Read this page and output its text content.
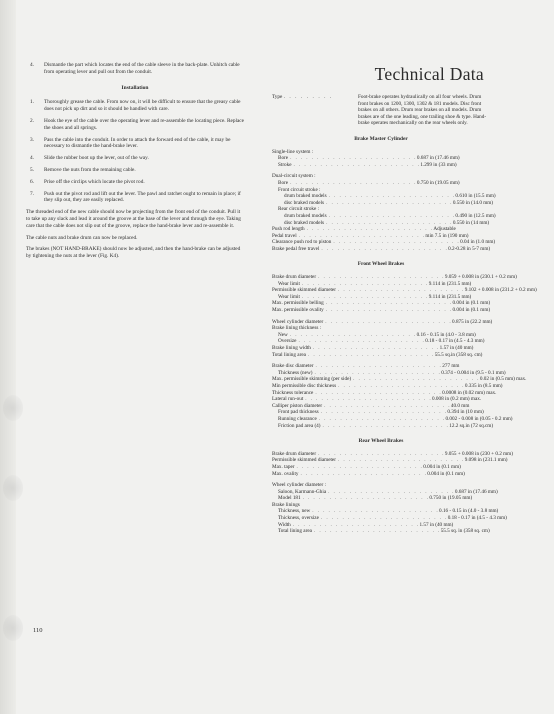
4.	Dismantle the part which locates the end of the cable sleeve in the back-plate. Unhitch cable from operating lever and pull out from the conduit.
Installation
1.	Thoroughly grease the cable. From now on, it will be difficult to ensure that the greasy cable does not pick up dirt and so it should be handled with care.
2.	Hook the eye of the cable over the operating lever and re-assemble the locating piece. Replace the shoes and all springs.
3.	Pass the cable into the conduit. In order to attach the forward end of the cable, it may be necessary to dismantle the hand-brake lever.
4.	Slide the rubber boot up the lever, out of the way.
5.	Remove the nuts from the remaining cable.
6.	Prise off the circlips which locate the pivot rod.
7.	Push out the pivot rod and lift out the lever. The pawl and ratchet ought to remain in place; if they slip out, they are easily replaced.
The threaded end of the new cable should now be projecting from the front end of the conduit. Pull it to take up any slack and lead it around the groove at the base of the lever and through the eye. Taking care that the cable does not slip out of the groove, replace the hand-brake lever and re-assemble it.
The cable nuts and brake drum can now be replaced.
The brakes (NOT HAND-BRAKE) should now be adjusted, and then the hand-brake can be adjusted by tightening the nuts at the lever (Fig. K4).
110
Technical Data
Type . . . . . . . . .	Foot-brake operates hydraulically on all four wheels. Drum front brakes on 1200, 1300, 1302 & 181 models. Disc front brakes on all others. Drum rear brakes on all models. Drum brakes are of the one leading, one trailing shoe & type. Hand-brake operates mechanically on the rear wheels only.
Brake Master Cylinder
Single-line system :
Bore . . . . . . . . . . . . . . . . . . . . . . . . 0.687 in (17.46 mm)
Stroke . . . . . . . . . . . . . . . . . . . . . . . . 1.299 in (33 mm)
Dual-circuit system :
Bore . . . . . . . . . . . . . . . . . . . . . . . . 0.750 in (19.05 mm)
Front circuit stroke :
drum braked models . . . . . . . . . . . . . . . . . . . . . . . . 0.610 in (15.5 mm)
disc braked models . . . . . . . . . . . . . . . . . . . . . . . . 0.550 in (14.0 mm)
Rear circuit stroke :
drum braked models . . . . . . . . . . . . . . . . . . . . . . . . 0.490 in (12.5 mm)
disc braked models . . . . . . . . . . . . . . . . . . . . . . . . 0.550 in (14 mm)
Push rod length . . . . . . . . . . . . . . . . . . . . . . . . Adjustable
Pedal travel . . . . . . . . . . . . . . . . . . . . . . . . min 7.5 in (190 mm)
Clearance push rod to piston . . . . . . . . . . . . . . . . . . . . . . . . 0.04 in (1.0 mm)
Brake pedal free travel . . . . . . . . . . . . . . . . . . . . . . . . 0.2-0.28 in 5-7 mm)
Front Wheel Brakes
Brake drum diameter . . . . . . . . . . . . . . . . . . . . . . . . 9.059 + 0.008 in (230.1 + 0.2 mm)
Wear limit . . . . . . . . . . . . . . . . . . . . . . . . 9.114 in (231.5 mm)
Permissible skimmed diameter . . . . . . . . . . . . . . . . . . . . . . . . 9.102 + 0.008 in (231.2 + 0.2 mm)
Wear limit . . . . . . . . . . . . . . . . . . . . . . . . 9.114 in (231.5 mm)
Max. permissible belling . . . . . . . . . . . . . . . . . . . . . . . . 0.004 in (0.1 mm)
Max. permissible ovality . . . . . . . . . . . . . . . . . . . . . . . . 0.004 in (0.1 mm)
Wheel cylinder diameter . . . . . . . . . . . . . . . . . . . . . . . . 0.875 in (22.2 mm)
Brake lining thickness :
New . . . . . . . . . . . . . . . . . . . . . . . . 0.16 - 0.15 in (4.0 - 3.8 mm)
Oversize . . . . . . . . . . . . . . . . . . . . . . . . 0.18 - 0.17 in (4.5 - 4.3 mm)
Brake lining width . . . . . . . . . . . . . . . . . . . . . . . . 1.57 in (40 mm)
Total lining area . . . . . . . . . . . . . . . . . . . . . . . . 55.5 sq.in (358 sq. cm)
Brake disc diameter . . . . . . . . . . . . . . . . . . . . . . . . 277 mm
Thickness (new) . . . . . . . . . . . . . . . . . . . . . . . . 0.374 - 0.004 in (9.5 - 0.1 mm)
Max. permissible skimming (per side) . . . . . . . . . . . . . . . . . . . . . . . . 0.02 in (0.5 mm) max.
Min permissible disc thickness . . . . . . . . . . . . . . . . . . . . . . . . 0.335 in (8.5 mm)
Thickness tolerance . . . . . . . . . . . . . . . . . . . . . . . . 0.0008 in (0.02 mm) max.
Lateral run-out . . . . . . . . . . . . . . . . . . . . . . . . 0.008 in (0.2 mm) max.
Calliper piston diameter . . . . . . . . . . . . . . . . . . . . . . . . 40.0 mm
Front pad thickness . . . . . . . . . . . . . . . . . . . . . . . . 0.394 in (10 mm)
Running clearance . . . . . . . . . . . . . . . . . . . . . . . . 0.002 - 0.008 in (0.05 - 0.2 mm)
Friction pad area (4) . . . . . . . . . . . . . . . . . . . . . . . . 12.2 sq.in (72 sq.cm)
Rear Wheel Brakes
Brake drum diameter . . . . . . . . . . . . . . . . . . . . . . . . 9.055 + 0.008 in (230 + 0.2 mm)
Permissible skimmed diameter . . . . . . . . . . . . . . . . . . . . . . . . 9.098 in (231.1 mm)
Max. taper . . . . . . . . . . . . . . . . . . . . . . . . 0.004 in (0.1 mm)
Max. ovality . . . . . . . . . . . . . . . . . . . . . . . . 0.004 in (0.1 mm)
Wheel cylinder diameter :
Saloon, Karmann-Ghia . . . . . . . . . . . . . . . . . . . . . . . . 0.687 in (17.46 mm)
Model 181 . . . . . . . . . . . . . . . . . . . . . . . . 0.750 in (19.05 mm)
Brake linings
Thickness, new . . . . . . . . . . . . . . . . . . . . . . . . 0.16 - 0.15 in (4.0 - 3.8 mm)
Thickness, oversize . . . . . . . . . . . . . . . . . . . . . . . . 0.18 - 0.17 in (4.5 - 4.3 mm)
Width . . . . . . . . . . . . . . . . . . . . . . . . 1.57 in (40 mm)
Total lining area . . . . . . . . . . . . . . . . . . . . . . . . 55.5 sq. in (358 sq. cm)
